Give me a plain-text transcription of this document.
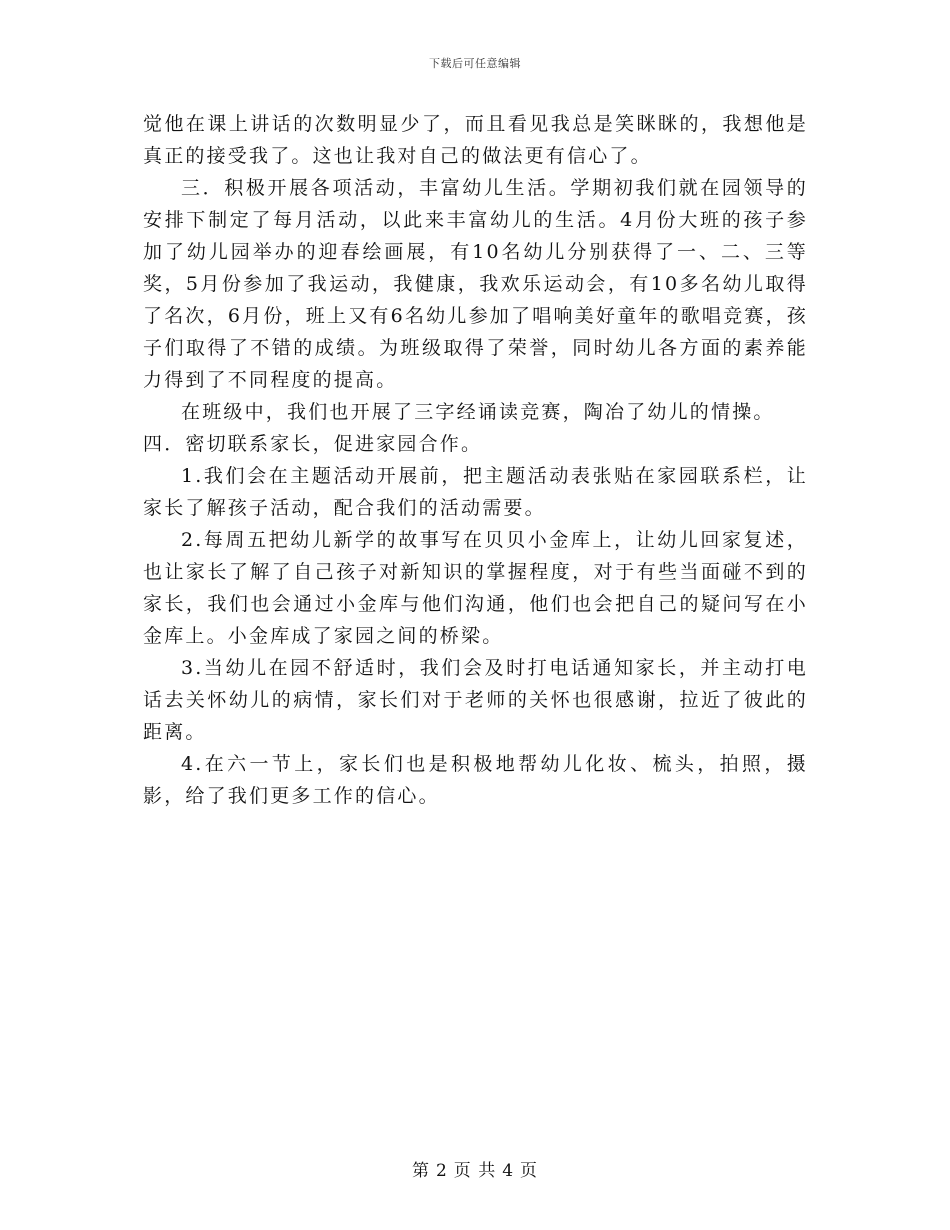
下载后可任意编辑

觉他在课上讲话的次数明显少了，而且看见我总是笑眯眯的，我想他是真正的接受我了。这也让我对自己的做法更有信心了。

三．积极开展各项活动，丰富幼儿生活。学期初我们就在园领导的安排下制定了每月活动，以此来丰富幼儿的生活。4月份大班的孩子参加了幼儿园举办的迎春绘画展，有10名幼儿分别获得了一、二、三等奖，5月份参加了我运动，我健康，我欢乐运动会，有10多名幼儿取得了名次，6月份，班上又有6名幼儿参加了唱响美好童年的歌唱竞赛，孩子们取得了不错的成绩。为班级取得了荣誉，同时幼儿各方面的素养能力得到了不同程度的提高。

在班级中，我们也开展了三字经诵读竞赛，陶冶了幼儿的情操。

四．密切联系家长，促进家园合作。

1.我们会在主题活动开展前，把主题活动表张贴在家园联系栏，让家长了解孩子活动，配合我们的活动需要。

2.每周五把幼儿新学的故事写在贝贝小金库上，让幼儿回家复述，也让家长了解了自己孩子对新知识的掌握程度，对于有些当面碰不到的家长，我们也会通过小金库与他们沟通，他们也会把自己的疑问写在小金库上。小金库成了家园之间的桥梁。

3.当幼儿在园不舒适时，我们会及时打电话通知家长，并主动打电话去关怀幼儿的病情，家长们对于老师的关怀也很感谢，拉近了彼此的距离。

4.在六一节上，家长们也是积极地帮幼儿化妆、梳头，拍照，摄影，给了我们更多工作的信心。

第 2 页 共 4 页
